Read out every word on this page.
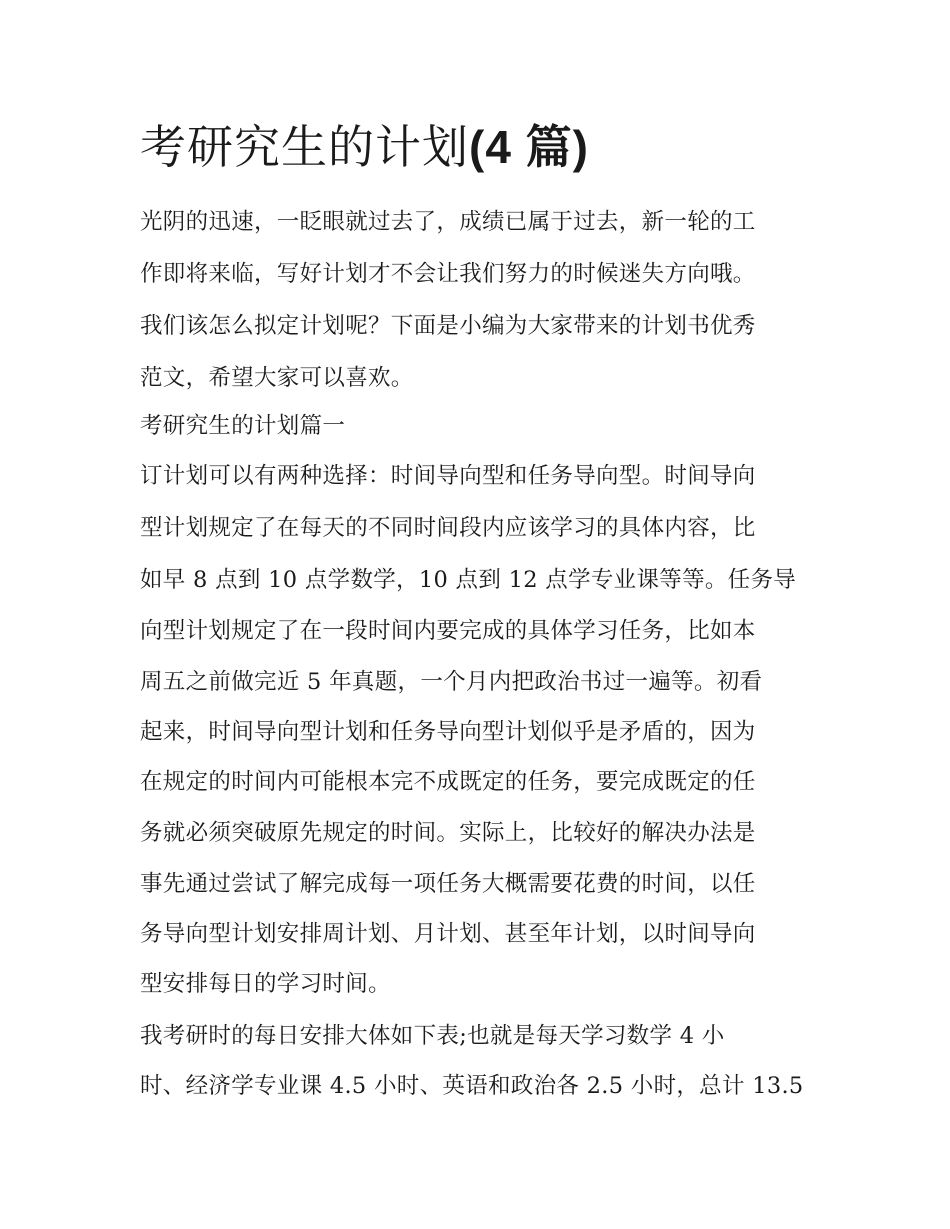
考研究生的计划(4 篇)
光阴的迅速，一眨眼就过去了，成绩已属于过去，新一轮的工
作即将来临，写好计划才不会让我们努力的时候迷失方向哦。
我们该怎么拟定计划呢？下面是小编为大家带来的计划书优秀
范文，希望大家可以喜欢。
考研究生的计划篇一
订计划可以有两种选择：时间导向型和任务导向型。时间导向
型计划规定了在每天的不同时间段内应该学习的具体内容，比
如早 8 点到 10 点学数学，10 点到 12 点学专业课等等。任务导
向型计划规定了在一段时间内要完成的具体学习任务，比如本
周五之前做完近 5 年真题，一个月内把政治书过一遍等。初看
起来，时间导向型计划和任务导向型计划似乎是矛盾的，因为
在规定的时间内可能根本完不成既定的任务，要完成既定的任
务就必须突破原先规定的时间。实际上，比较好的解决办法是
事先通过尝试了解完成每一项任务大概需要花费的时间，以任
务导向型计划安排周计划、月计划、甚至年计划，以时间导向
型安排每日的学习时间。
我考研时的每日安排大体如下表;也就是每天学习数学 4 小
时、经济学专业课 4.5 小时、英语和政治各 2.5 小时，总计 13.5
